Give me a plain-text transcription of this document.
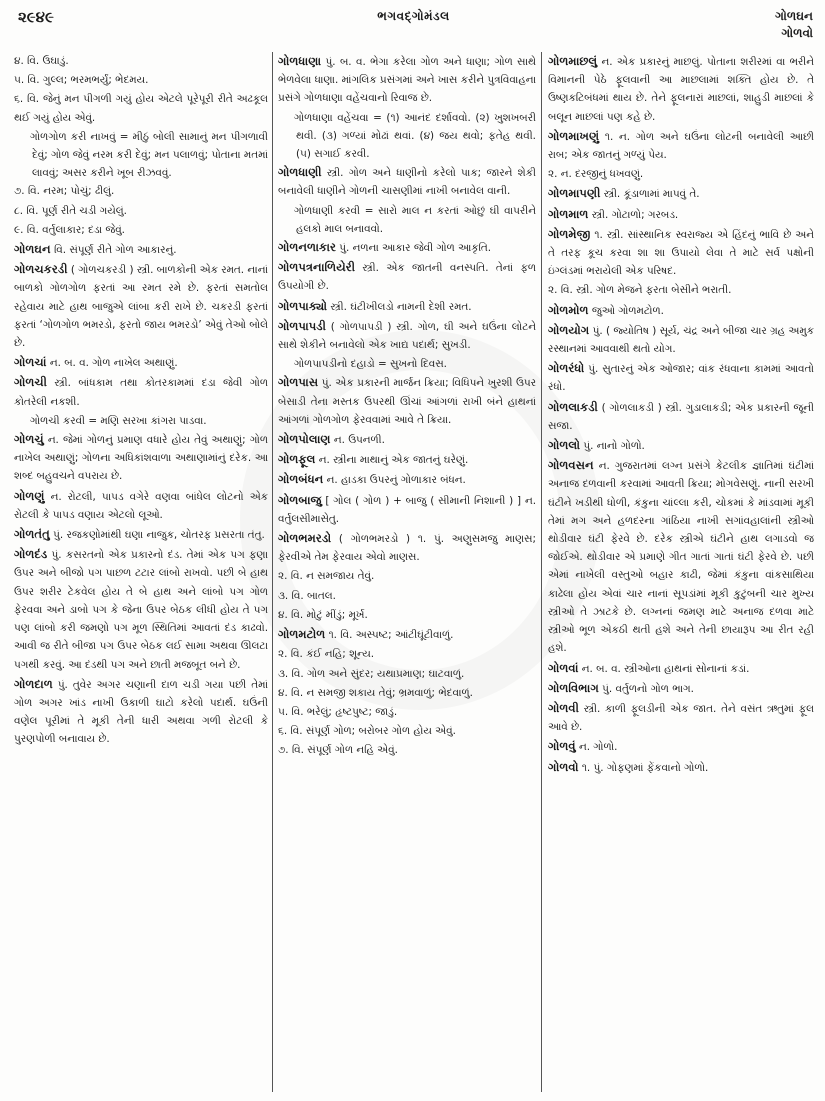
૨૯૪૯	ભગવદ્ગોમંડલ	ગોળઘન
ગોળવો
૪. વિ. ઉઘાડું.
૫. વિ. ગુલ્લ; ભરમભર્યું; ભેદમય.
૬. વિ. જેનું મન પીગળી ગયું હોય એટલે પૂરેપૂરી રીતે અઢકૂલ થઈ ગયું હોય એવું.
ગોળગોળ કરી નાખવું = મીઠું બોલી સામાનું મન પીગળાવી દેવું; ગોળ જેવું નરમ કરી દેવું; મન પલાળવું; પોતાના મતમાં લાવવું; અસર કરીને ખૂબ રીઝવવું.
૭. વિ. નરમ; પોચું; ઢીલું.
૮. વિ. પૂર્ણ રીતે ચડી ગયેલું.
૯. વિ. વર્તુલાકાર; દડા જેવું.
ગોળઘન વિ. સંપૂર્ણ રીતે ગોળ આકારનું.
ગોળચકરડી ( ગોળચકરડી ) સ્ત્રી. બાળકોની એક રમત. નાનાં બાળકો ગોળગોળ ફરતાં આ રમત રમે છે. ફરતાં સમતોલ રહેવાય માટે હાથ બાજુએ લાંબા કરી રાખે છે. ચકરડી ફરતાં ફરતાં ‘ગોળગોળ ભમરડો, ફરતો જાય ભમરડો’ એવું તેઓ બોલે છે.
ગોળચાં ન. બ. વ. ગોળ નાખેલ અથાણું.
ગોળચી સ્ત્રી. બાંધકામ તથા કોતરકામમાં દડા જેવી ગોળ કોતરેલી નકશી.
ગોળચી કરવી = મણિ સરખા કાંગરા પાડવા.
ગોળચું ન. જેમાં ગોળનું પ્રમાણ વધારે હોય તેવું અથાણું; ગોળ નાખેલ અથાણું; ગોળના અધિકાંશવાળા અથાણામાંનું દરેક. આ શબ્દ બહુવચને વપરાય છે.
ગોળણું ન. રોટલી, પાપડ વગેરે વણવા બાંધેલ લોટનો એક રોટલી કે પાપડ વણાય એટલો લૂઓ.
ગોળતંતુ પું. રજકણોમાંથી ઘણા નાજુક, ચોતરફ પ્રસરતા તંતુ.
ગોળદંડ પું. કસરતનો એક પ્રકારનો દંડ. તેમાં એક પગ ફણા ઉપર અને બીજો પગ પાછળ ટટાર લાંબો રાખવો. પછી બે હાથ ઉપર શરીર ટેકવેલ હોય તે બે હાથ અને લાંબો પગ ગોળ ફેરવવા અને ડાબો પગ કે જેના ઉપર બેઠક લીધી હોય તે પગ પણ લાંબો કરી જમણો પગ મૂળ સ્થિતિમાં આવતાં દંડ કાઢવો. આવી જ રીતે બીજા પગ ઉપર બેઠક લઈ સામા અથવા ઊલટા પગથી કરવું. આ દંડથી પગ અને છાતી મજબૂત બને છે.
ગોળદાળ પું. તુવેર અગર ચણાની દાળ ચડી ગયા પછી તેમાં ગોળ અગર ખાંડ નાખી ઉકાળી ઘાટો કરેલો પદાર્થ. ઘઉંની વણેલ પૂરીમાં તે મૂકી તેની ધારી અથવા ગળી રોટલી કે પુરણપોળી બનાવાય છે.
ગોળધાણા પું. બ. વ. ભેગા કરેલા ગોળ અને ધાણા; ગોળ સાથે ભેળવેલા ધાણા. માંગલિક પ્રસંગમાં અને ખાસ કરીને પુત્રવિવાહના પ્રસંગે ગોળધાણા વહેંચવાનો રિવાજ છે.
ગોળધાણા વહેંચવા = (૧) આનંદ દર્શાવવો. (૨) ખુશખબરી થવી. (૩) ગળ્યાં મોઢાં થવાં. (૪) જય થવો; ફતેહ થવી. (૫) સગાઈ કરવી.
ગોળધાણી સ્ત્રી. ગોળ અને ધાણીનો કરેલો પાક; જારને શેકી બનાવેલી ધાણીને ગોળની ચાસણીમાં નાખી બનાવેલ વાની.
ગોળધાણી કરવી = સારો માલ ન કરતાં ઓછું ઘી વાપરીને હલકો માલ બનાવવો.
ગોળનળાકાર પું. નળના આકાર જેવી ગોળ આકૃતિ.
ગોળપત્રનાળિયેરી સ્ત્રી. એક જાતની વનસ્પતિ. તેનાં ફળ ઉપયોગી છે.
ગોળપાક્યો સ્ત્રી. ઘંટીખીલડો નામની દેશી રમત.
ગોળપાપડી ( ગોળપાપડી ) સ્ત્રી. ગોળ, ઘી અને ઘઉંના લોટને સાથે શેકીને બનાવેલો એક ખાદ્ય પદાર્થ; સુખડી.
ગોળપાપડીનો દહાડો = સુખનો દિવસ.
ગોળપાસ પું. એક પ્રકારની માર્જન ક્રિયા; વિધિપને ખુરશી ઉપર બેસાડી તેના મસ્તક ઉપરથી ઊંચાં આંગળાં રાખી બંને હાથનાં આંગળાં ગોળગોળ ફેરવવામાં આવે તે ક્રિયા.
ગોળપોલાણ ન. ઉપનળી.
ગોળફૂલ ન. સ્ત્રીના માથાનું એક જાતનું ઘરેણું.
ગોળબંધન ન. હાડકા ઉપરનું ગોળાકાર બંધન.
ગોળબાજુ [ ગોલ ( ગોળ ) + બાજુ ( સીમાની નિશાની ) ] ન. વર્તુલસીમાસેતુ.
ગોળભમરડો ( ગોળભમરડો ) ૧. પું. અણુસમજુ માણસ; ફેરવીએ તેમ ફેરવાય એવો માણસ.
૨. વિ. ન સમજાય તેવું.
૩. વિ. બાતલ.
૪. વિ. મોટું મીંડું; મૂર્ખ.
ગોળમટોળ ૧. વિ. અસ્પષ્ટ; આંટીઘૂંટીવાળું.
૨. વિ. કંઈ નહિ; શૂન્ય.
૩. વિ. ગોળ અને સુંદર; યથાપ્રમાણ; ઘાટવાળું.
૪. વિ. ન સમજી શકાય તેવું; ભ્રમવાળું; ભેદવાળું.
૫. વિ. ભરેલું; હૃષ્ટપુષ્ટ; જાડું.
૬. વિ. સંપૂર્ણ ગોળ; બરોબર ગોળ હોય એવું.
૭. વિ. સંપૂર્ણ ગોળ નહિ એવું.
ગોળમાછલું ન. એક પ્રકારનું માછલું. પોતાના શરીરમાં વા ભરીને વિમાનની પેઠે ફૂલવાની આ માછલામાં શક્તિ હોય છે. તે ઉષ્ણકટિબંધમાં થાય છે. તેને ફૂલનારાં માછલાં, શાહુડી માછલાં કે બલૂન માછલાં પણ કહે છે.
ગોળમાખણું ૧. ન. ગોળ અને ઘઉંના લોટની બનાવેલી આછી રાબ; એક જાતનું ગળ્યું પેય.
૨. ન. દરજીનું ધખવણું.
ગોળમાપણી સ્ત્રી. કૂંડાળામાં માપવું તે.
ગોળમાળ સ્ત્રી. ગોટાળો; ગરબડ.
ગોળમેજી ૧. સ્ત્રી. સાંસ્થાનિક સ્વરાજ્ય એ હિંદનું ભાવિ છે અને તે તરફ કૂચ કરવા શા શા ઉપાયો લેવા તે માટે સર્વ પક્ષોની ઇંગ્લંડમાં ભરાયેલી એક પરિષદ.
૨. વિ. સ્ત્રી. ગોળ મેજને ફરતા બેસીને ભરાતી.
ગોળમોળ જુઓ ગોળમટોળ.
ગોળયોગ પું. ( જ્યોતિષ ) સૂર્ય, ચંદ્ર અને બીજા ચાર ગ્રહ અમુક રસ્થાનમાં આવવાથી થતો યોગ.
ગોળરંધો પું. સુતારનું એક ઓજાર; વાંક રંધવાના કામમાં આવતો રંધો.
ગોળલાકડી ( ગોળલાકડી ) સ્ત્રી. ગુડાલાકડી; એક પ્રકારની જૂની સજા.
ગોળલો પું. નાનો ગોળો.
ગોળવસન ન. ગુજરાતમાં લગ્ન પ્રસંગે કેટલીક જ્ઞાતિમાં ઘંટીમાં અનાજ દળવાની કરવામાં આવતી ક્રિયા; મોગવેસણું. નાની સરખી ઘંટીને ખડીથી ધોળી, કંકુના ચાંલ્લા કરી, ચોકમાં કે માંડવામાં મૂકી તેમાં મગ અને હળદરના ગાંઠિયા નાખી સગાંવહાલાંની સ્ત્રીઓ થોડીવાર ઘંટી ફેરવે છે. દરેક સ્ત્રીએ ઘંટીને હાથ લગાડવો જ જોઈએ. થોડીવાર એ પ્રમાણે ગીત ગાતાં ગાતાં ઘંટી ફેરવે છે. પછી એમાં નાખેલી વસ્તુઓ બહાર કાઢી, જેમાં કંકુના વાંકસાથિયા કાઢેલા હોય એવાં ચાર નાનાં સૂપડાંમાં મૂકી કુટુંબની ચાર મુખ્ય સ્ત્રીઓ તે ઝાટકે છે. લગ્નનાં જમણ માટે અનાજ દળવા માટે સ્ત્રીઓ ભૂળ એકઠી થતી હશે અને તેની છાયારૂપ આ રીત રહી હશે.
ગોળવાં ન. બ. વ. સ્ત્રીઓના હાથનાં સોનાનાં કડાં.
ગોળવિભાગ પું. વર્તુળનો ગોળ ભાગ.
ગોળવી સ્ત્રી. કાળી ફૂલડીની એક જાત. તેને વસંત ઋતુમાં ફૂલ આવે છે.
ગોળવું ન. ગોળો.
ગોળવો ૧. પું. ગોફણમાં ફેંકવાનો ગોળો.
